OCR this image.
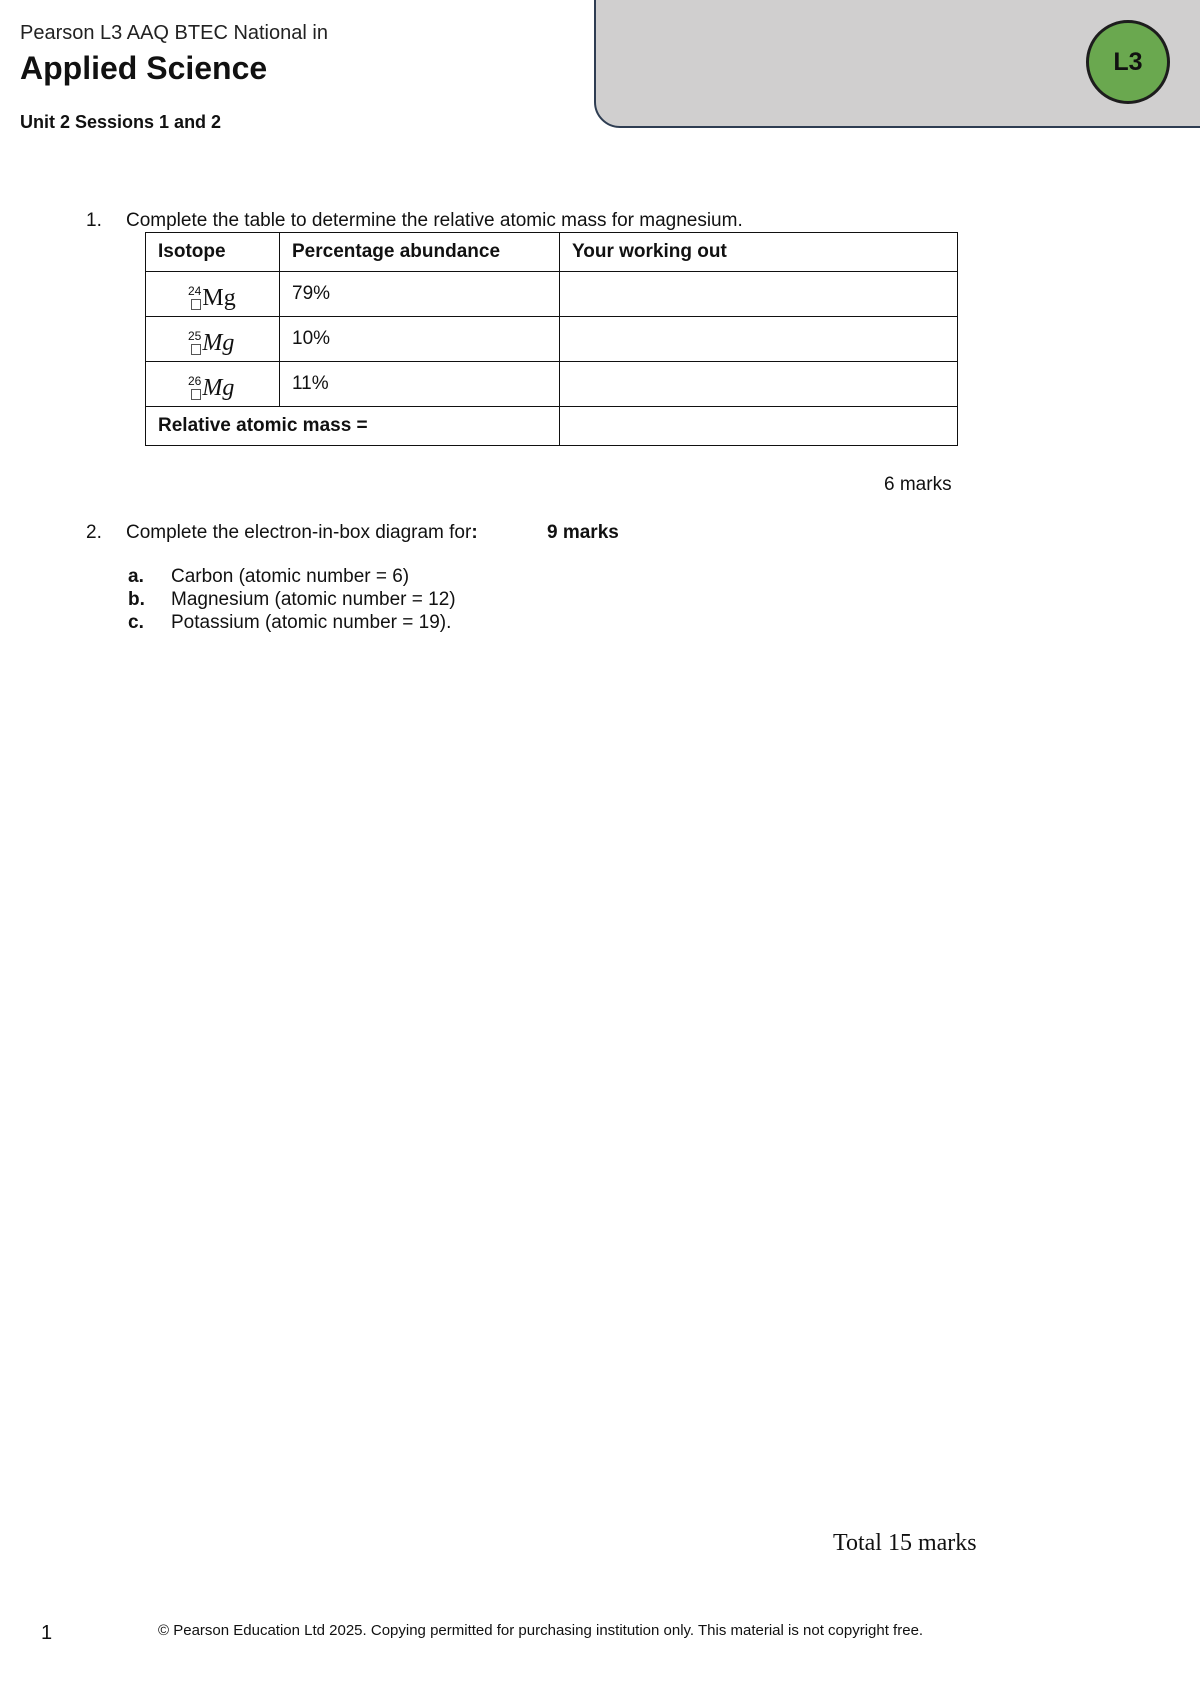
Pearson L3 AAQ BTEC National in
Applied Science
Unit 2 Sessions 1 and 2
L3
1. Complete the table to determine the relative atomic mass for magnesium.
Isotope	Percentage abundance	Your working out

24 Mg	79%	

25 Mg	10%	

26 Mg	11%	
Relative atomic mass =		
6 marks
2. Complete the electron-in-box diagram for:	9 marks
a. Carbon (atomic number = 6)
b. Magnesium (atomic number = 12)
c. Potassium (atomic number = 19).
Total 15 marks
1	© Pearson Education Ltd 2025. Copying permitted for purchasing institution only. This material is not copyright free.
